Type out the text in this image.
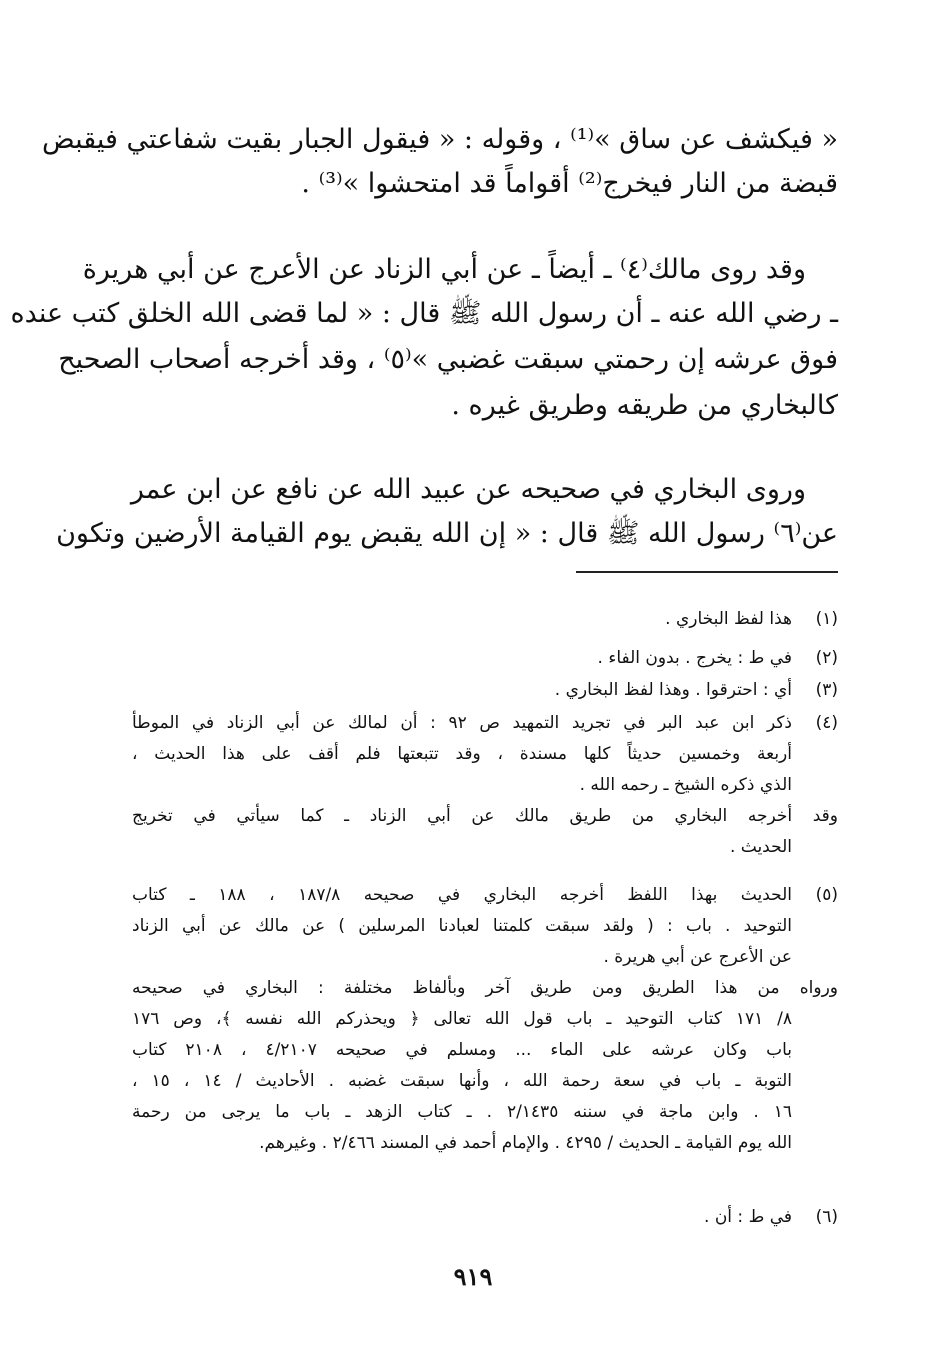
« فيكشف عن ساق »⁽¹⁾ ، وقوله : « فيقول الجبار بقيت شفاعتي فيقبض
قبضة من النار فيخرج⁽²⁾ أقواماً قد امتحشوا »⁽³⁾ .
وقد روى مالك⁽٤⁾ ـ أيضاً ـ عن أبي الزناد عن الأعرج عن أبي هريرة
ـ رضي الله عنه ـ أن رسول الله ﷺ قال : « لما قضى الله الخلق كتب عنده
فوق عرشه إن رحمتي سبقت غضبي »⁽٥⁾ ، وقد أخرجه أصحاب الصحيح
كالبخاري من طريقه وطريق غيره .
وروى البخاري في صحيحه عن عبيد الله عن نافع عن ابن عمر
عن⁽٦⁾ رسول الله ﷺ قال : « إن الله يقبض يوم القيامة الأرضين وتكون
(١)
هذا لفظ البخاري .
(٢)
في ط : يخرج . بدون الفاء .
(٣)
أي : احترقوا . وهذا لفظ البخاري .
(٤)
ذكر ابن عبد البر في تجريد التمهيد ص ٩٢ : أن لمالك عن أبي الزناد في الموطأ
أربعة وخمسين حديثاً كلها مسندة ، وقد تتبعتها فلم أقف على هذا الحديث ،
الذي ذكره الشيخ ـ رحمه الله .
وقد أخرجه البخاري من طريق مالك عن أبي الزناد ـ كما سيأتي في تخريج
الحديث .
(٥)
الحديث بهذا اللفظ أخرجه البخاري في صحيحه ١٨٧/٨ ، ١٨٨ ـ كتاب
التوحيد . باب : ( ولقد سبقت كلمتنا لعبادنا المرسلين ) عن مالك عن أبي الزناد
عن الأعرج عن أبي هريرة .
ورواه من هذا الطريق ومن طريق آخر وبألفاظ مختلفة : البخاري في صحيحه
٨/ ١٧١ كتاب التوحيد ـ باب قول الله تعالى ﴿ ويحذركم الله نفسه ﴾، وص ١٧٦
باب وكان عرشه على الماء ... ومسلم في صحيحه ٤/٢١٠٧ ، ٢١٠٨ كتاب
التوبة ـ باب في سعة رحمة الله ، وأنها سبقت غضبه . الأحاديث / ١٤ ، ١٥ ،
١٦ . وابن ماجة في سننه ٢/١٤٣٥ . ـ كتاب الزهد ـ باب ما يرجى من رحمة
الله يوم القيامة ـ الحديث / ٤٢٩٥ . والإمام أحمد في المسند ٢/٤٦٦ . وغيرهم.
(٦)
في ط : أن .
٩١٩
